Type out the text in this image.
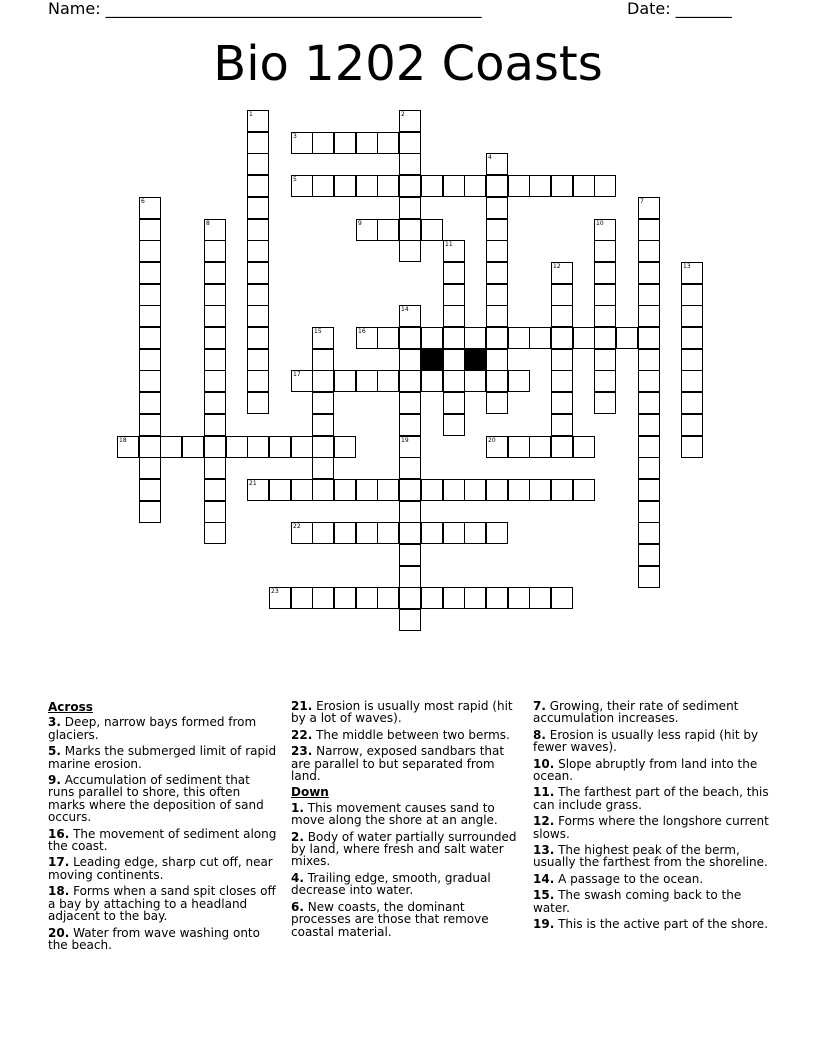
Name: _______________________________________________	Date: _______
Bio 1202 Coasts
1	2
3
4
5
6	7
8	9	10
11
12	13
14
15	16
17
18	19	20
21
22
23
Across
3. Deep, narrow bays formed from glaciers.
5. Marks the submerged limit of rapid marine erosion.
9. Accumulation of sediment that runs parallel to shore, this often marks where the deposition of sand occurs.
16. The movement of sediment along the coast.
17. Leading edge, sharp cut off, near moving continents.
18. Forms when a sand spit closes off a bay by attaching to a headland adjacent to the bay.
20. Water from wave washing onto the beach.
21. Erosion is usually most rapid (hit by a lot of waves).
22. The middle between two berms.
23. Narrow, exposed sandbars that are parallel to but separated from land.
Down
1. This movement causes sand to move along the shore at an angle.
2. Body of water partially surrounded by land, where fresh and salt water mixes.
4. Trailing edge, smooth, gradual decrease into water.
6. New coasts, the dominant processes are those that remove coastal material.
7. Growing, their rate of sediment accumulation increases.
8. Erosion is usually less rapid (hit by fewer waves).
10. Slope abruptly from land into the ocean.
11. The farthest part of the beach, this can include grass.
12. Forms where the longshore current slows.
13. The highest peak of the berm, usually the farthest from the shoreline.
14. A passage to the ocean.
15. The swash coming back to the water.
19. This is the active part of the shore.
